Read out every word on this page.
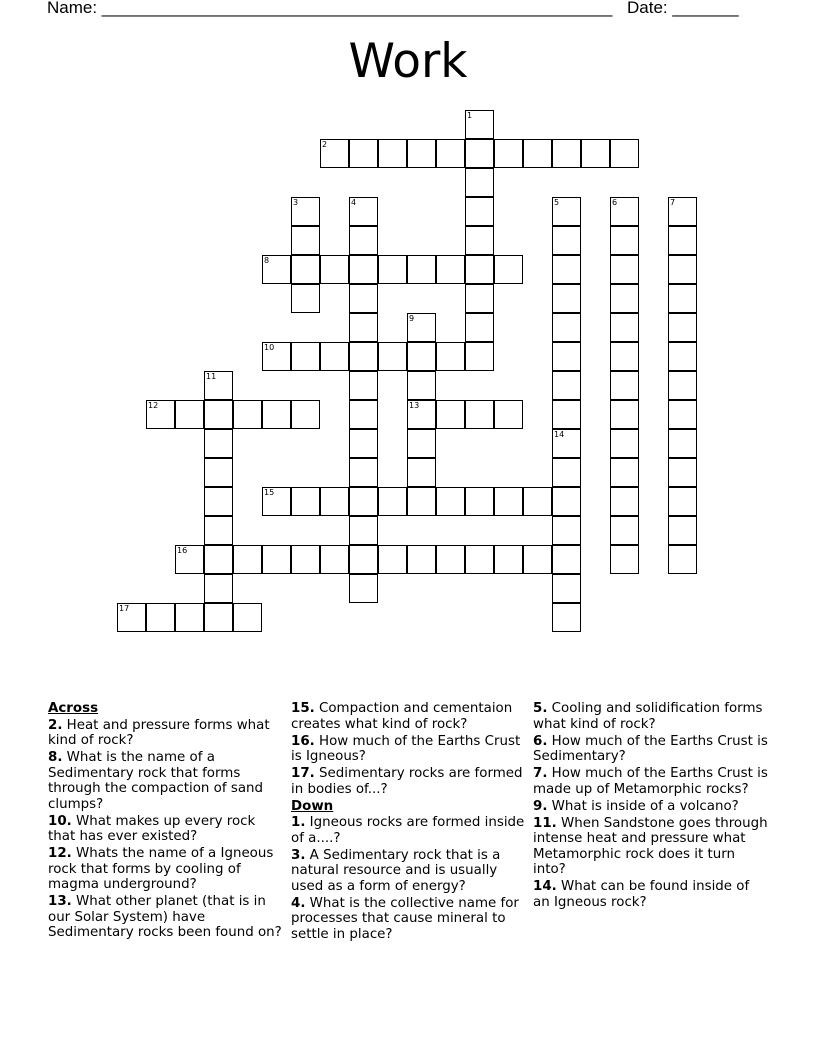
Name: ______________________________________________________ Date: _______
Work
1
2
3	4	5	6	7
8
9
10
11
12	13
14
15
16
17
Across
2. Heat and pressure forms what kind of rock?
8. What is the name of a Sedimentary rock that forms through the compaction of sand clumps?
10. What makes up every rock that has ever existed?
12. Whats the name of a Igneous rock that forms by cooling of magma underground?
13. What other planet (that is in our Solar System) have Sedimentary rocks been found on?
15. Compaction and cementaion creates what kind of rock?
16. How much of the Earths Crust is Igneous?
17. Sedimentary rocks are formed in bodies of...?
Down
1. Igneous rocks are formed inside of a....?
3. A Sedimentary rock that is a natural resource and is usually used as a form of energy?
4. What is the collective name for processes that cause mineral to settle in place?
5. Cooling and solidification forms what kind of rock?
6. How much of the Earths Crust is Sedimentary?
7. How much of the Earths Crust is made up of Metamorphic rocks?
9. What is inside of a volcano?
11. When Sandstone goes through intense heat and pressure what Metamorphic rock does it turn into?
14. What can be found inside of an Igneous rock?
